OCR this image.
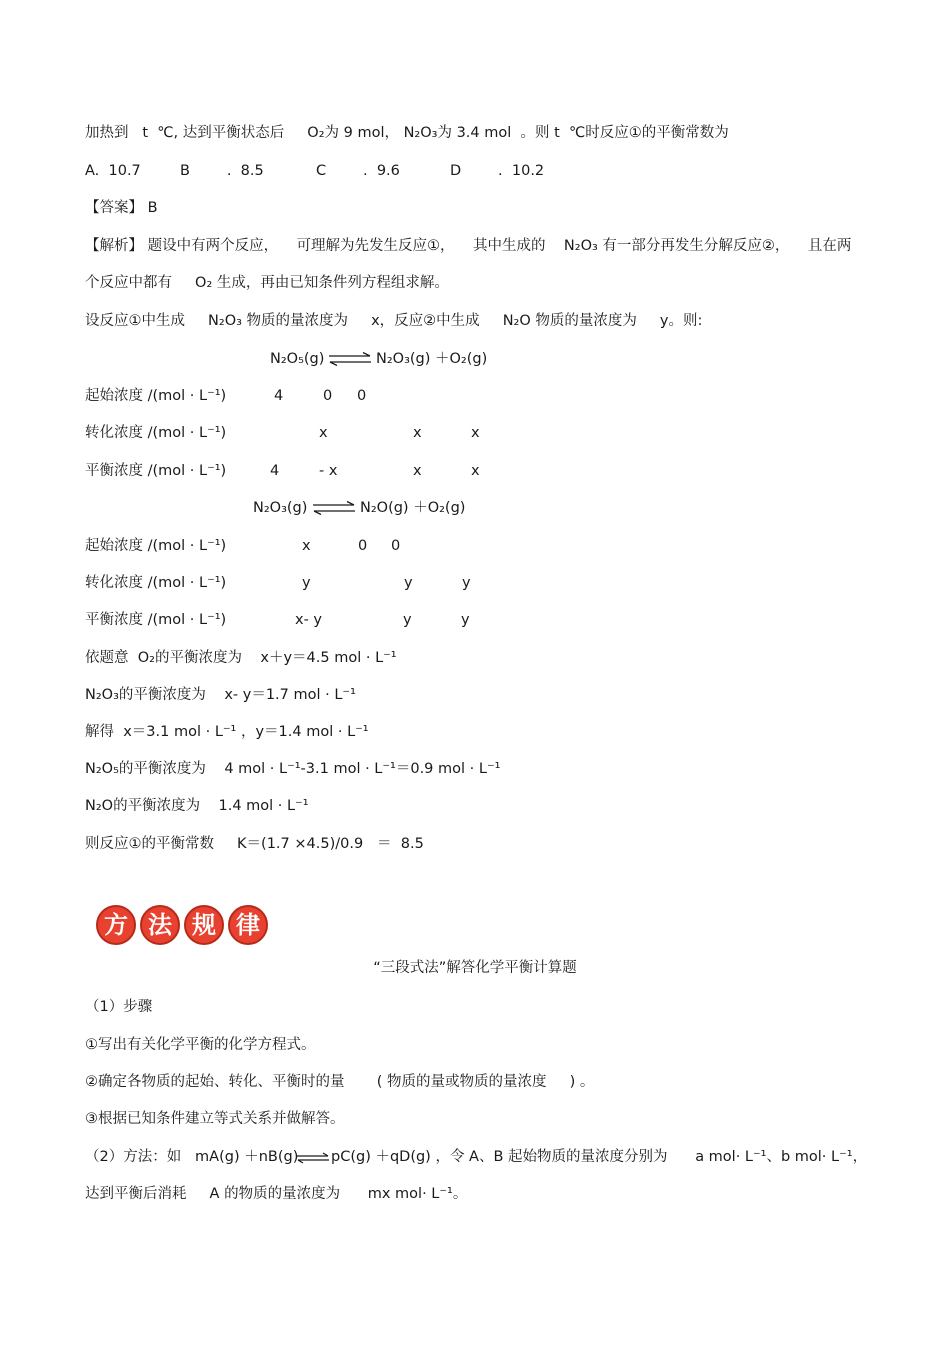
加热到   t  ℃, 达到平衡状态后     O₂为 9 mol， N₂O₃为 3.4 mol  。则 t  ℃时反应①的平衡常数为
A.  10.7	B        .  8.5	C        .  9.6	D        .  10.2
【答案】 B
【解析】 题设中有两个反应，    可理解为先发生反应①，    其中生成的    N₂O₃ 有一部分再发生分解反应②，    且在两
个反应中都有     O₂ 生成，再由已知条件列方程组求解。
设反应①中生成     N₂O₃ 物质的量浓度为     x，反应②中生成     N₂O 物质的量浓度为     y。则:
N₂O₅(g) ⇌ N₂O₃(g) ＋O₂(g)
起始浓度 /(mol · L⁻¹)	4	0 0
转化浓度 /(mol · L⁻¹)	x	x	x
平衡浓度 /(mol · L⁻¹)	4	- x	x	x
N₂O₃(g) ⇌ N₂O(g) ＋O₂(g)
起始浓度 /(mol · L⁻¹)	x	0 0
转化浓度 /(mol · L⁻¹)	y	y	y
平衡浓度 /(mol · L⁻¹)	x- y	y	y
依题意  O₂的平衡浓度为    x＋y＝4.5 mol · L⁻¹
N₂O₃的平衡浓度为    x- y＝1.7 mol · L⁻¹
解得  x＝3.1 mol · L⁻¹ ，y＝1.4 mol · L⁻¹
N₂O₅的平衡浓度为    4 mol · L⁻¹-3.1 mol · L⁻¹＝0.9 mol · L⁻¹
N₂O的平衡浓度为    1.4 mol · L⁻¹
则反应①的平衡常数     K＝(1.7 ×4.5)/0.9   ＝  8.5
方 法 规 律
“三段式法”解答化学平衡计算题
（1）步骤
①写出有关化学平衡的化学方程式。
②确定各物质的起始、转化、平衡时的量       ( 物质的量或物质的量浓度     ) 。
③根据已知条件建立等式关系并做解答。
（2）方法：如   mA(g) ＋nB(g) ⇌ pC(g) ＋qD(g) ，令 A、B 起始物质的量浓度分别为      a mol· L⁻¹、b mol· L⁻¹，
达到平衡后消耗     A 的物质的量浓度为      mx mol· L⁻¹。
